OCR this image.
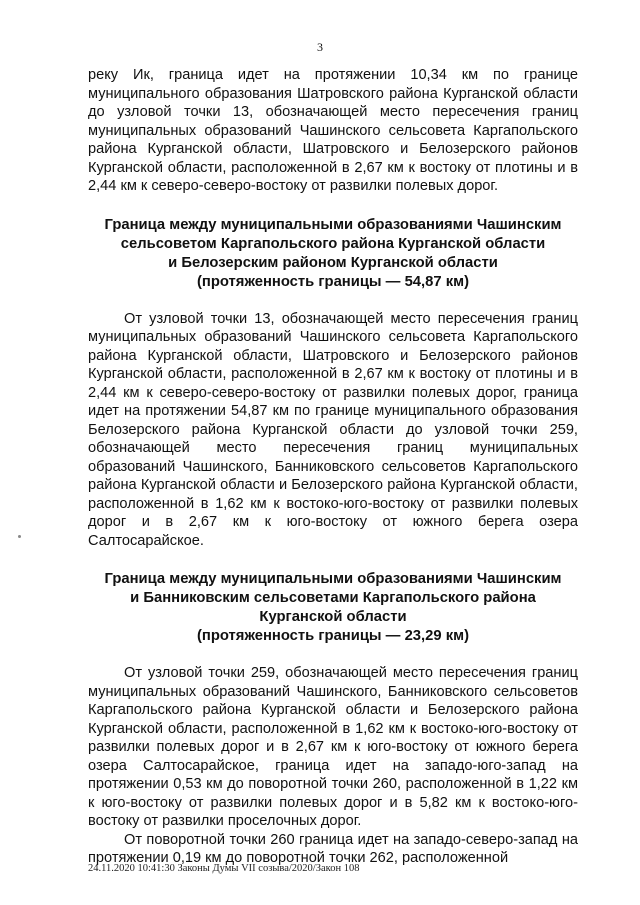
3

реку Ик, граница идет на протяжении 10,34 км по границе муниципального образования Шатровского района Курганской области до узловой точки 13, обозначающей место пересечения границ муниципальных образований Чашинского сельсовета Каргапольского района Курганской области, Шатровского и Белозерского районов Курганской области, расположенной в 2,67 км к востоку от плотины и в 2,44 км к северо-северо-востоку от развилки полевых дорог.

Граница между муниципальными образованиями Чашинским
сельсоветом Каргапольского района Курганской области
и Белозерским районом Курганской области
(протяженность границы — 54,87 км)

От узловой точки 13, обозначающей место пересечения границ муниципальных образований Чашинского сельсовета Каргапольского района Курганской области, Шатровского и Белозерского районов Курганской области, расположенной в 2,67 км к востоку от плотины и в 2,44 км к северо-северо-востоку от развилки полевых дорог, граница идет на протяжении 54,87 км по границе муниципального образования Белозерского района Курганской области до узловой точки 259, обозначающей место пересечения границ муниципальных образований Чашинского, Банниковского сельсоветов Каргапольского района Курганской области и Белозерского района Курганской области, расположенной в 1,62 км к востоко-юго-востоку от развилки полевых дорог и в 2,67 км к юго-востоку от южного берега озера Салтосарайское.

Граница между муниципальными образованиями Чашинским
и Банниковским сельсоветами Каргапольского района
Курганской области
(протяженность границы — 23,29 км)

От узловой точки 259, обозначающей место пересечения границ муниципальных образований Чашинского, Банниковского сельсоветов Каргапольского района Курганской области и Белозерского района Курганской области, расположенной в 1,62 км к востоко-юго-востоку от развилки полевых дорог и в 2,67 км к юго-востоку от южного берега озера Салтосарайское, граница идет на западо-юго-запад на протяжении 0,53 км до поворотной точки 260, расположенной в 1,22 км к юго-востоку от развилки полевых дорог и в 5,82 км к востоко-юго-востоку от развилки проселочных дорог.

От поворотной точки 260 граница идет на западо-северо-запад на протяжении 0,19 км до поворотной точки 262, расположенной

24.11.2020 10:41:30 Законы Думы VII созыва/2020/Закон 108
